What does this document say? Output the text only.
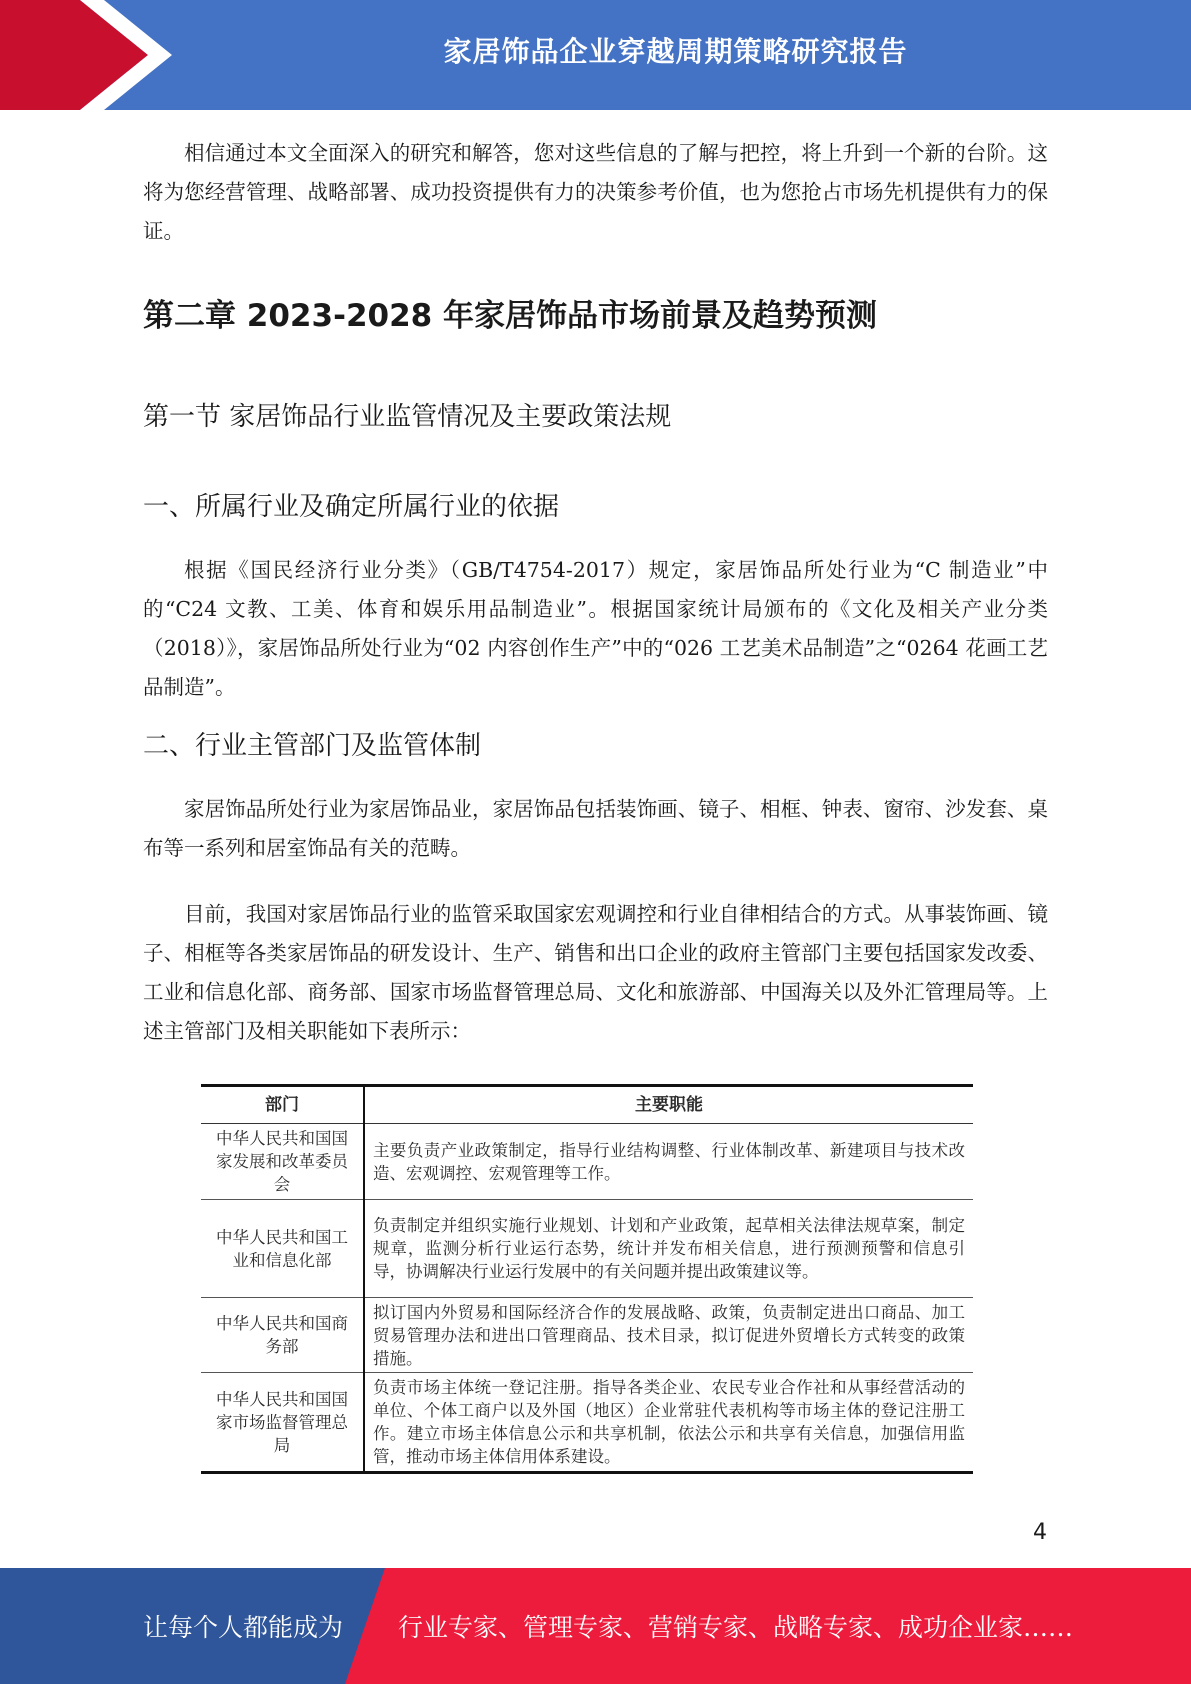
家居饰品企业穿越周期策略研究报告

相信通过本文全面深入的研究和解答，您对这些信息的了解与把控，将上升到一个新的台阶。这将为您经营管理、战略部署、成功投资提供有力的决策参考价值，也为您抢占市场先机提供有力的保证。

第二章 2023-2028 年家居饰品市场前景及趋势预测
第一节 家居饰品行业监管情况及主要政策法规
一、所属行业及确定所属行业的依据

根据《国民经济行业分类》（GB/T4754-2017）规定，家居饰品所处行业为“C 制造业”中的“C24 文教、工美、体育和娱乐用品制造业”。根据国家统计局颁布的《文化及相关产业分类（2018）》，家居饰品所处行业为“02 内容创作生产”中的“026 工艺美术品制造”之“0264 花画工艺品制造”。

二、行业主管部门及监管体制

家居饰品所处行业为家居饰品业，家居饰品包括装饰画、镜子、相框、钟表、窗帘、沙发套、桌布等一系列和居室饰品有关的范畴。

目前，我国对家居饰品行业的监管采取国家宏观调控和行业自律相结合的方式。从事装饰画、镜子、相框等各类家居饰品的研发设计、生产、销售和出口企业的政府主管部门主要包括国家发改委、工业和信息化部、商务部、国家市场监督管理总局、文化和旅游部、中国海关以及外汇管理局等。上述主管部门及相关职能如下表所示：

部门	主要职能
中华人民共和国国家发展和改革委员会	主要负责产业政策制定，指导行业结构调整、行业体制改革、新建项目与技术改造、宏观调控、宏观管理等工作。
中华人民共和国工业和信息化部	负责制定并组织实施行业规划、计划和产业政策，起草相关法律法规草案，制定规章，监测分析行业运行态势，统计并发布相关信息，进行预测预警和信息引导，协调解决行业运行发展中的有关问题并提出政策建议等。
中华人民共和国商务部	拟订国内外贸易和国际经济合作的发展战略、政策，负责制定进出口商品、加工贸易管理办法和进出口管理商品、技术目录，拟订促进外贸增长方式转变的政策措施。
中华人民共和国国家市场监督管理总局	负责市场主体统一登记注册。指导各类企业、农民专业合作社和从事经营活动的单位、个体工商户以及外国（地区）企业常驻代表机构等市场主体的登记注册工作。建立市场主体信息公示和共享机制，依法公示和共享有关信息，加强信用监管，推动市场主体信用体系建设。
4
让每个人都能成为 行业专家、管理专家、营销专家、战略专家、成功企业家……
